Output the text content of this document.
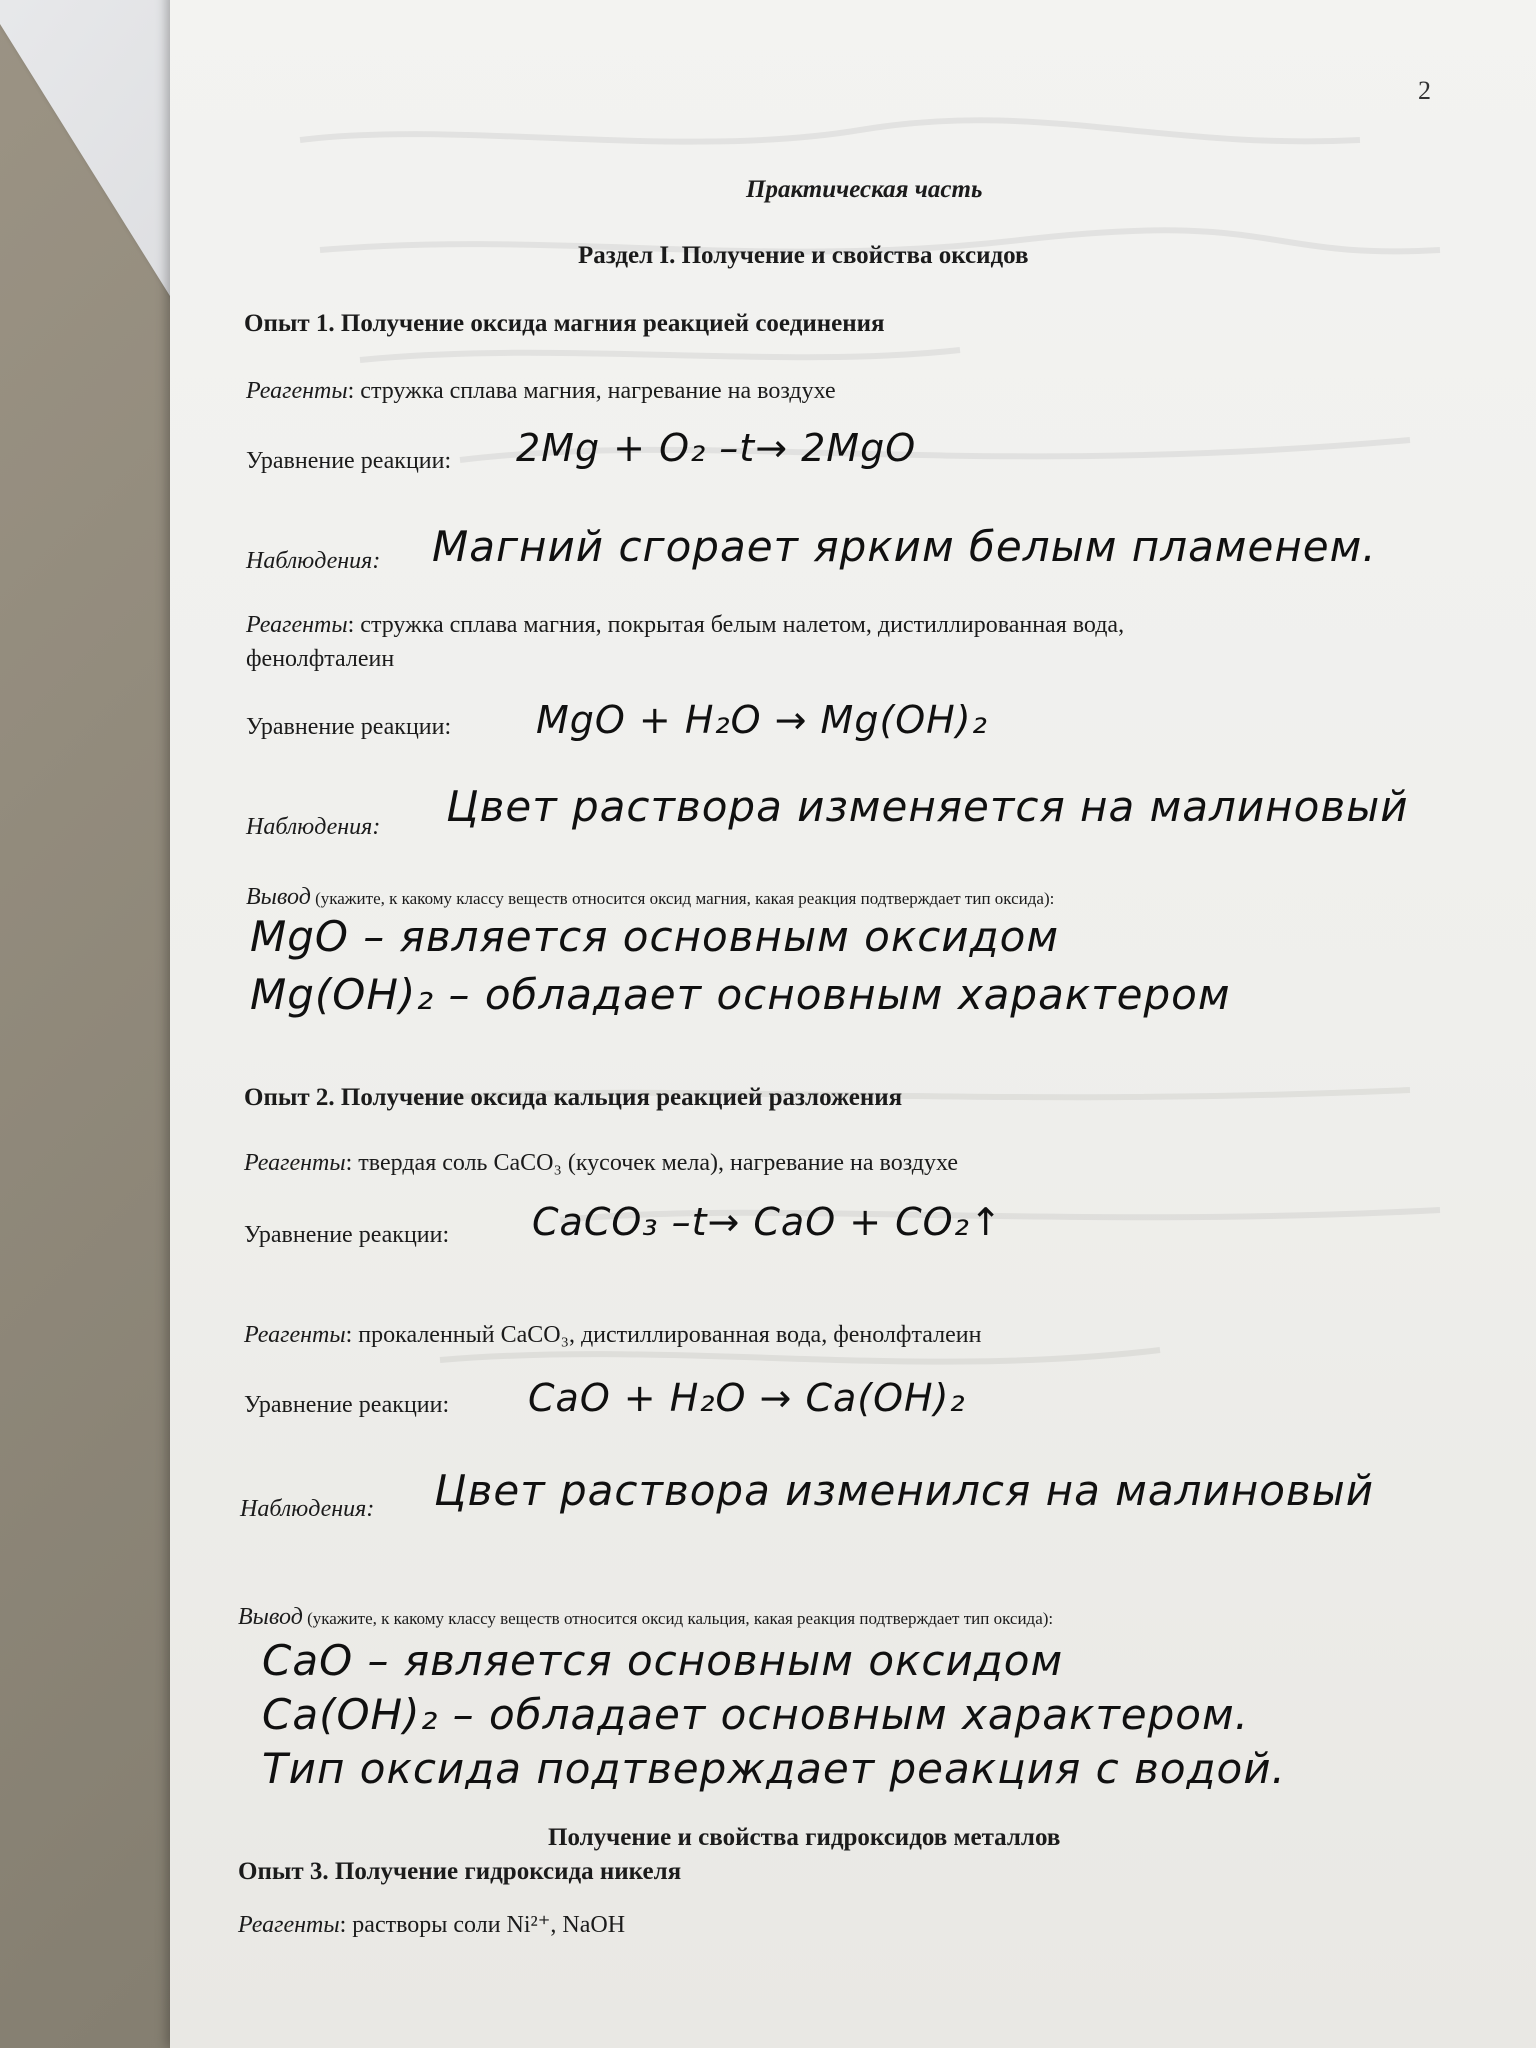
2
Практическая часть
Раздел I. Получение и свойства оксидов
Опыт 1. Получение оксида магния реакцией соединения
Реагенты: стружка сплава магния, нагревание на воздухе
Уравнение реакции: 2Mg + O₂ –t→ 2MgO
Наблюдения: Магний сгорает ярким белым пламенем.
Реагенты: стружка сплава магния, покрытая белым налетом, дистиллированная вода,
фенолфталеин
Уравнение реакции: MgO + H₂O → Mg(OH)₂
Наблюдения: Цвет раствора изменяется на малиновый
Вывод (укажите, к какому классу веществ относится оксид магния, какая реакция подтверждает тип оксида):
MgO – является основным оксидом
Mg(OH)₂ – обладает основным характером
Опыт 2. Получение оксида кальция реакцией разложения
Реагенты: твердая соль CaCO₃ (кусочек мела), нагревание на воздухе
Уравнение реакции: CaCO₃ –t→ CaO + CO₂↑
Реагенты: прокаленный CaCO₃, дистиллированная вода, фенолфталеин
Уравнение реакции: CaO + H₂O → Ca(OH)₂
Наблюдения: Цвет раствора изменился на малиновый
Вывод (укажите, к какому классу веществ относится оксид кальция, какая реакция подтверждает тип оксида):
CaO – является основным оксидом
Ca(OH)₂ – обладает основным характером.
Тип оксида подтверждает реакция с водой.
Получение и свойства гидроксидов металлов
Опыт 3. Получение гидроксида никеля
Реагенты: растворы соли Ni²⁺, NaOH
